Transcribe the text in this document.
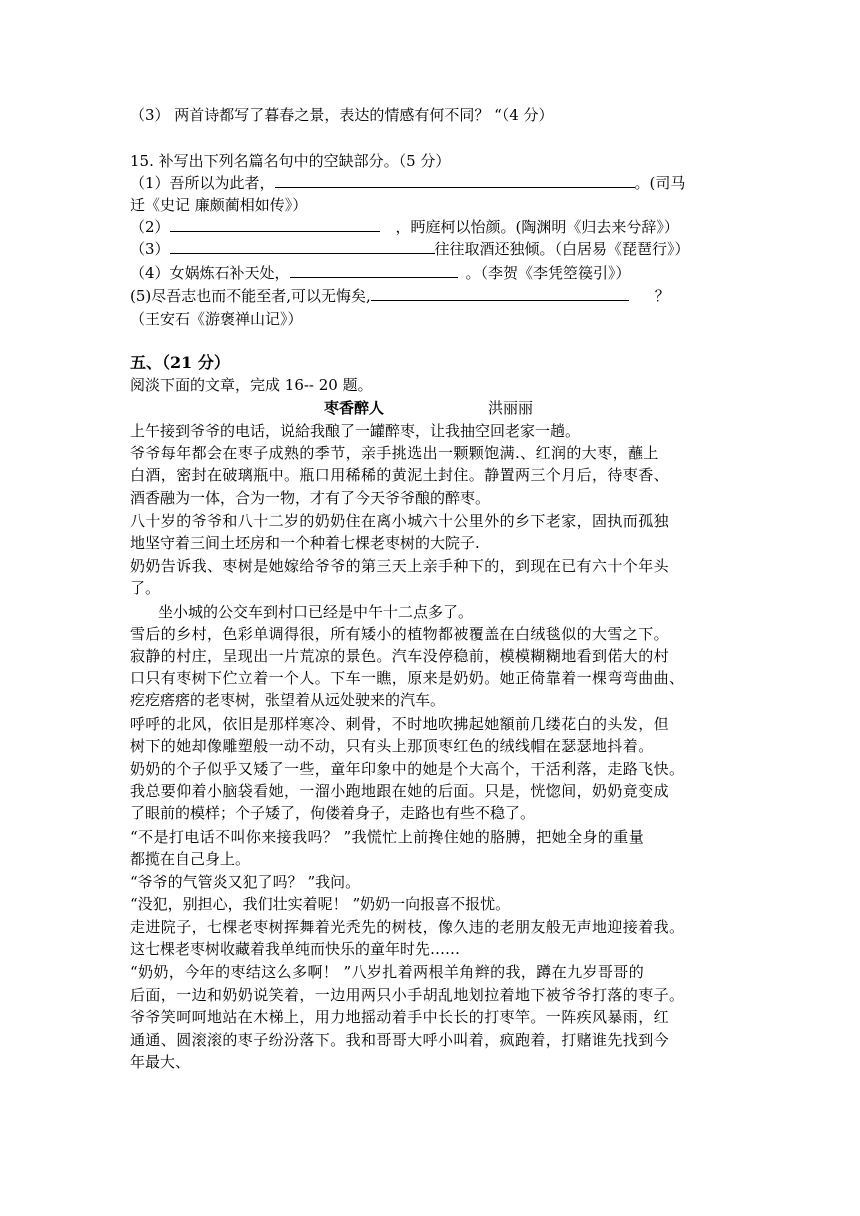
（3） 两首诗都写了暮春之景，表达的情感有何不同？ “（4 分）
15. 补写出下列名篇名句中的空缺部分。（5 分）
（1）吾所以为此者，	。(司马
迁《史记 廉颇蔺相如传》）
（2）	，眄庭柯以怡颜。(陶渊明《归去来兮辞》）
（3）	往往取酒还独倾。（白居易《琵琶行》）
（4）女娲炼石补天处，	。（李贺《李凭箜篌引》）
(5)尽吾志也而不能至者,可以无悔矣,	？
（王安石《游褒禅山记》）
五、（21 分）
阅淡下面的文章，完成 16-- 20 题。
枣香醉人	洪丽丽
上午接到爷爷的电话，说給我酿了一罐醉枣，让我抽空回老家一趟。
爷爷每年都会在枣子成熟的季节，亲手挑选出一颗颗饱满.、红润的大枣，蘸上
白酒，密封在破璃瓶中。瓶口用稀稀的黄泥土封住。静置两三个月后，待枣香、
酒香融为一体，合为一物，才有了今天爷爷酿的醉枣。
八十岁的爷爷和八十二岁的奶奶住在离小城六十公里外的乡下老家，固执而孤独
地坚守着三间土坯房和一个种着七棵老枣树的大院子.
奶奶告诉我、枣树是她嫁给爷爷的第三天上亲手种下的，到现在已有六十个年头
了。
坐小城的公交车到村口已经是中午十二点多了。
雪后的乡村，色彩单调得很，所有矮小的植物都被覆盖在白绒毯似的大雪之下。
寂静的村庄，呈现出一片荒凉的景色。汽车没停稳前，模模糊糊地看到偌大的村
口只有枣树下伫立着一个人。下车一瞧，原来是奶奶。她正倚靠着一棵弯弯曲曲、
疙疙瘩瘩的老枣树，张望着从远处驶来的汽车。
呼呼的北风，依旧是那样寒冷、刺骨，不时地吹拂起她額前几缕花白的头发，但
树下的她却像雕塑般一动不动，只有头上那顶枣红色的绒线帽在瑟瑟地抖着。
奶奶的个子似乎又矮了一些，童年印象中的她是个大高个，干活利落，走路飞快。
我总要仰着小脑袋看她，一溜小跑地跟在她的后面。只是，恍惚间，奶奶竟变成
了眼前的模样；个子矮了，佝偻着身子，走路也有些不稳了。
“不是打电话不叫你来接我吗？ ”我慌忙上前搀住她的胳膊，把她全身的重量
都揽在自己身上。
“爷爷的气管炎又犯了吗？ ”我问。
“没犯，别担心，我们壮实着呢！ ”奶奶一向报喜不报忧。
走进院子，七棵老枣树挥舞着光秃先的树枝，像久违的老朋友般无声地迎接着我。
这七棵老枣树收藏着我单纯而快乐的童年时先……
“奶奶，今年的枣结这么多啊！ ”八岁扎着两根羊角辫的我，蹲在九岁哥哥的
后面，一边和奶奶说笑着，一边用两只小手胡乱地划拉着地下被爷爷打落的枣子。
爷爷笑呵呵地站在木梯上，用力地摇动着手中长长的打枣竿。一阵疾风暴雨，红
通通、圆滚滚的枣子纷汾落下。我和哥哥大呼小叫着，疯跑着，打赌谁先找到今
年最大、
